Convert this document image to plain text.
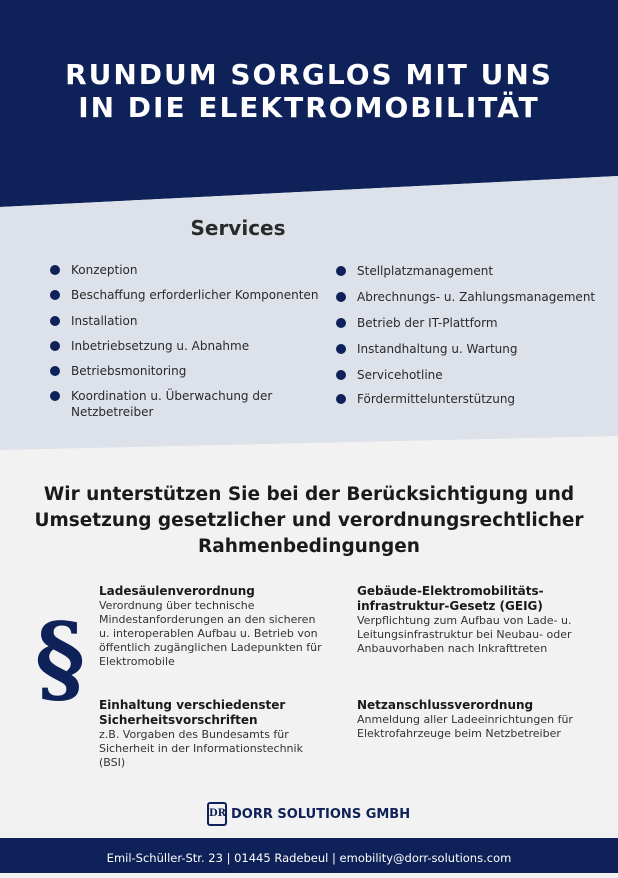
RUNDUM SORGLOS MIT UNS
IN DIE ELEKTROMOBILITÄT
Services
Konzeption
Beschaffung erforderlicher Komponenten
Installation
Inbetriebsetzung u. Abnahme
Betriebsmonitoring
Koordination u. Überwachung der Netzbetreiber
Stellplatzmanagement
Abrechnungs- u. Zahlungsmanagement
Betrieb der IT-Plattform
Instandhaltung u. Wartung
Servicehotline
Fördermittelunterstützung
Wir unterstützen Sie bei der Berücksichtigung und
Umsetzung gesetzlicher und verordnungsrechtlicher
Rahmenbedingungen
§
Ladesäulenverordnung

Verordnung über technische Mindestanforderungen an den sicheren u. interoperablen Aufbau u. Betrieb von öffentlich zugänglichen Ladepunkten für Elektromobile

Gebäude-Elektromobilitäts-infrastruktur-Gesetz (GEIG)

Verpflichtung zum Aufbau von Lade- u. Leitungsinfrastruktur bei Neubau- oder Anbauvorhaben nach Inkrafttreten

Einhaltung verschiedenster Sicherheitsvorschriften

z.B. Vorgaben des Bundesamts für Sicherheit in der Informationstechnik (BSI)

Netzanschlussverordnung

Anmeldung aller Ladeeinrichtungen für Elektrofahrzeuge beim Netzbetreiber

DR DORR SOLUTIONS GMBH
Emil-Schüller-Str. 23 | 01445 Radebeul | emobility@dorr-solutions.com
